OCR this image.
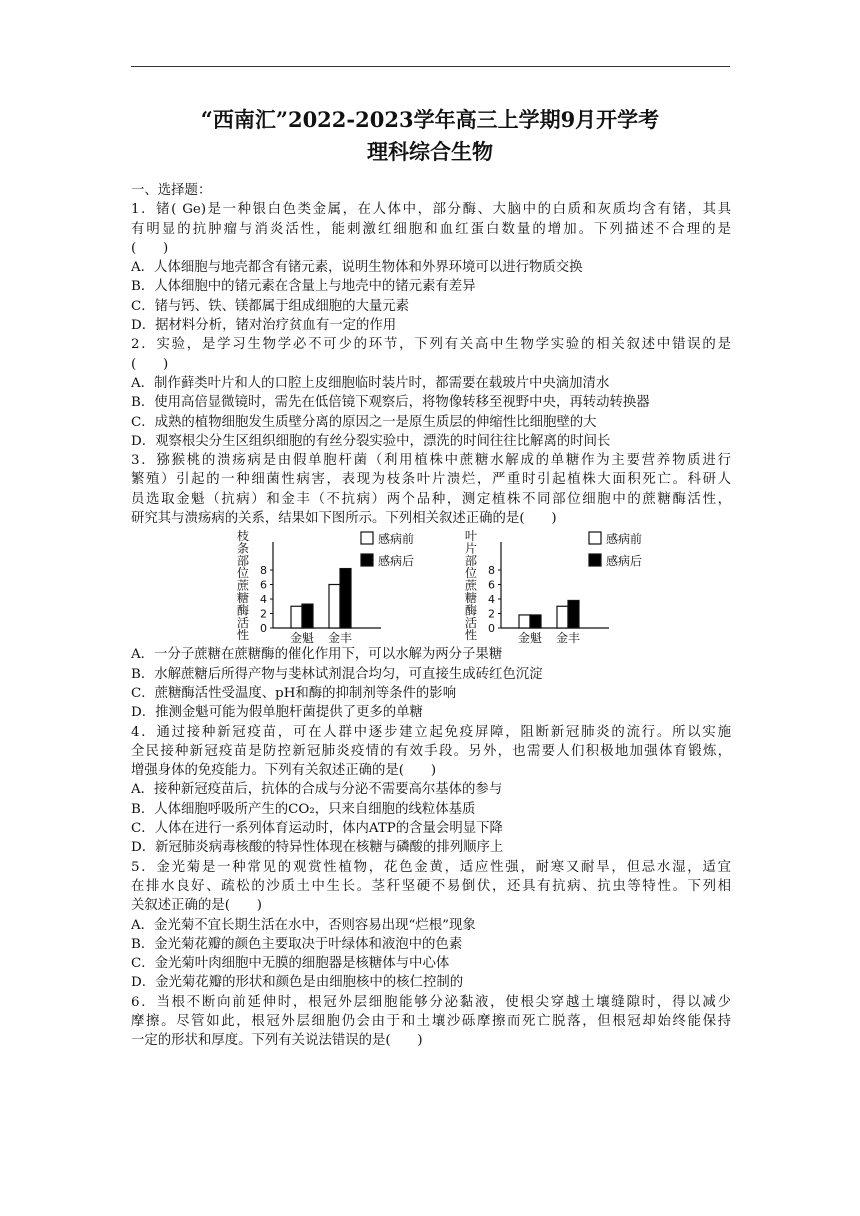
“西南汇”2022-2023学年高三上学期9月开学考
理科综合生物
一、选择题：
1．锗( Ge)是一种银白色类金属，在人体中，部分酶、大脑中的白质和灰质均含有锗，其具
有明显的抗肿瘤与消炎活性，能刺激红细胞和血红蛋白数量的增加。下列描述不合理的是
(　　)
A．人体细胞与地壳都含有锗元素，说明生物体和外界环境可以进行物质交换
B．人体细胞中的锗元素在含量上与地壳中的锗元素有差异
C．锗与钙、铁、镁都属于组成细胞的大量元素
D．据材料分析，锗对治疗贫血有一定的作用
2．实验，是学习生物学必不可少的环节，下列有关高中生物学实验的相关叙述中错误的是
(　　)
A．制作藓类叶片和人的口腔上皮细胞临时装片时，都需要在载玻片中央滴加清水
B．使用高倍显微镜时，需先在低倍镜下观察后，将物像转移至视野中央，再转动转换器
C．成熟的植物细胞发生质壁分离的原因之一是原生质层的伸缩性比细胞壁的大
D．观察根尖分生区组织细胞的有丝分裂实验中，漂洗的时间往往比解离的时间长
3．猕猴桃的溃疡病是由假单胞杆菌（利用植株中蔗糖水解成的单糖作为主要营养物质进行
繁殖）引起的一种细菌性病害，表现为枝条叶片溃烂，严重时引起植株大面积死亡。科研人
员选取金魁（抗病）和金丰（不抗病）两个品种，测定植株不同部位细胞中的蔗糖酶活性，
研究其与溃疡病的关系，结果如下图所示。下列相关叙述正确的是(　　)
枝
条
部
位
蔗
糖
酶
活
性 0
2
4
6
8
金魁 金丰
感病前
感病后
叶
片
部
位
蔗
糖
酶
活
性 0
2
4
6
8
金魁 金丰
感病前
感病后
A．一分子蔗糖在蔗糖酶的催化作用下，可以水解为两分子果糖
B．水解蔗糖后所得产物与斐林试剂混合均匀，可直接生成砖红色沉淀
C．蔗糖酶活性受温度、pH和酶的抑制剂等条件的影响
D．推测金魁可能为假单胞杆菌提供了更多的单糖
4．通过接种新冠疫苗，可在人群中逐步建立起免疫屏障，阻断新冠肺炎的流行。所以实施
全民接种新冠疫苗是防控新冠肺炎疫情的有效手段。另外，也需要人们积极地加强体育锻炼，
增强身体的免疫能力。下列有关叙述正确的是(　　)
A．接种新冠疫苗后，抗体的合成与分泌不需要高尔基体的参与
B．人体细胞呼吸所产生的CO₂，只来自细胞的线粒体基质
C．人体在进行一系列体育运动时，体内ATP的含量会明显下降
D．新冠肺炎病毒核酸的特异性体现在核糖与磷酸的排列顺序上
5．金光菊是一种常见的观赏性植物，花色金黄，适应性强，耐寒又耐旱，但忌水湿，适宜
在排水良好、疏松的沙质土中生长。茎秆坚硬不易倒伏，还具有抗病、抗虫等特性。下列相
关叙述正确的是(　　)
A．金光菊不宜长期生活在水中，否则容易出现“烂根”现象
B．金光菊花瓣的颜色主要取决于叶绿体和液泡中的色素
C．金光菊叶肉细胞中无膜的细胞器是核糖体与中心体
D．金光菊花瓣的形状和颜色是由细胞核中的核仁控制的
6．当根不断向前延伸时，根冠外层细胞能够分泌黏液，使根尖穿越土壤缝隙时，得以减少
摩擦。尽管如此，根冠外层细胞仍会由于和土壤沙砾摩擦而死亡脱落，但根冠却始终能保持
一定的形状和厚度。下列有关说法错误的是(　　)
